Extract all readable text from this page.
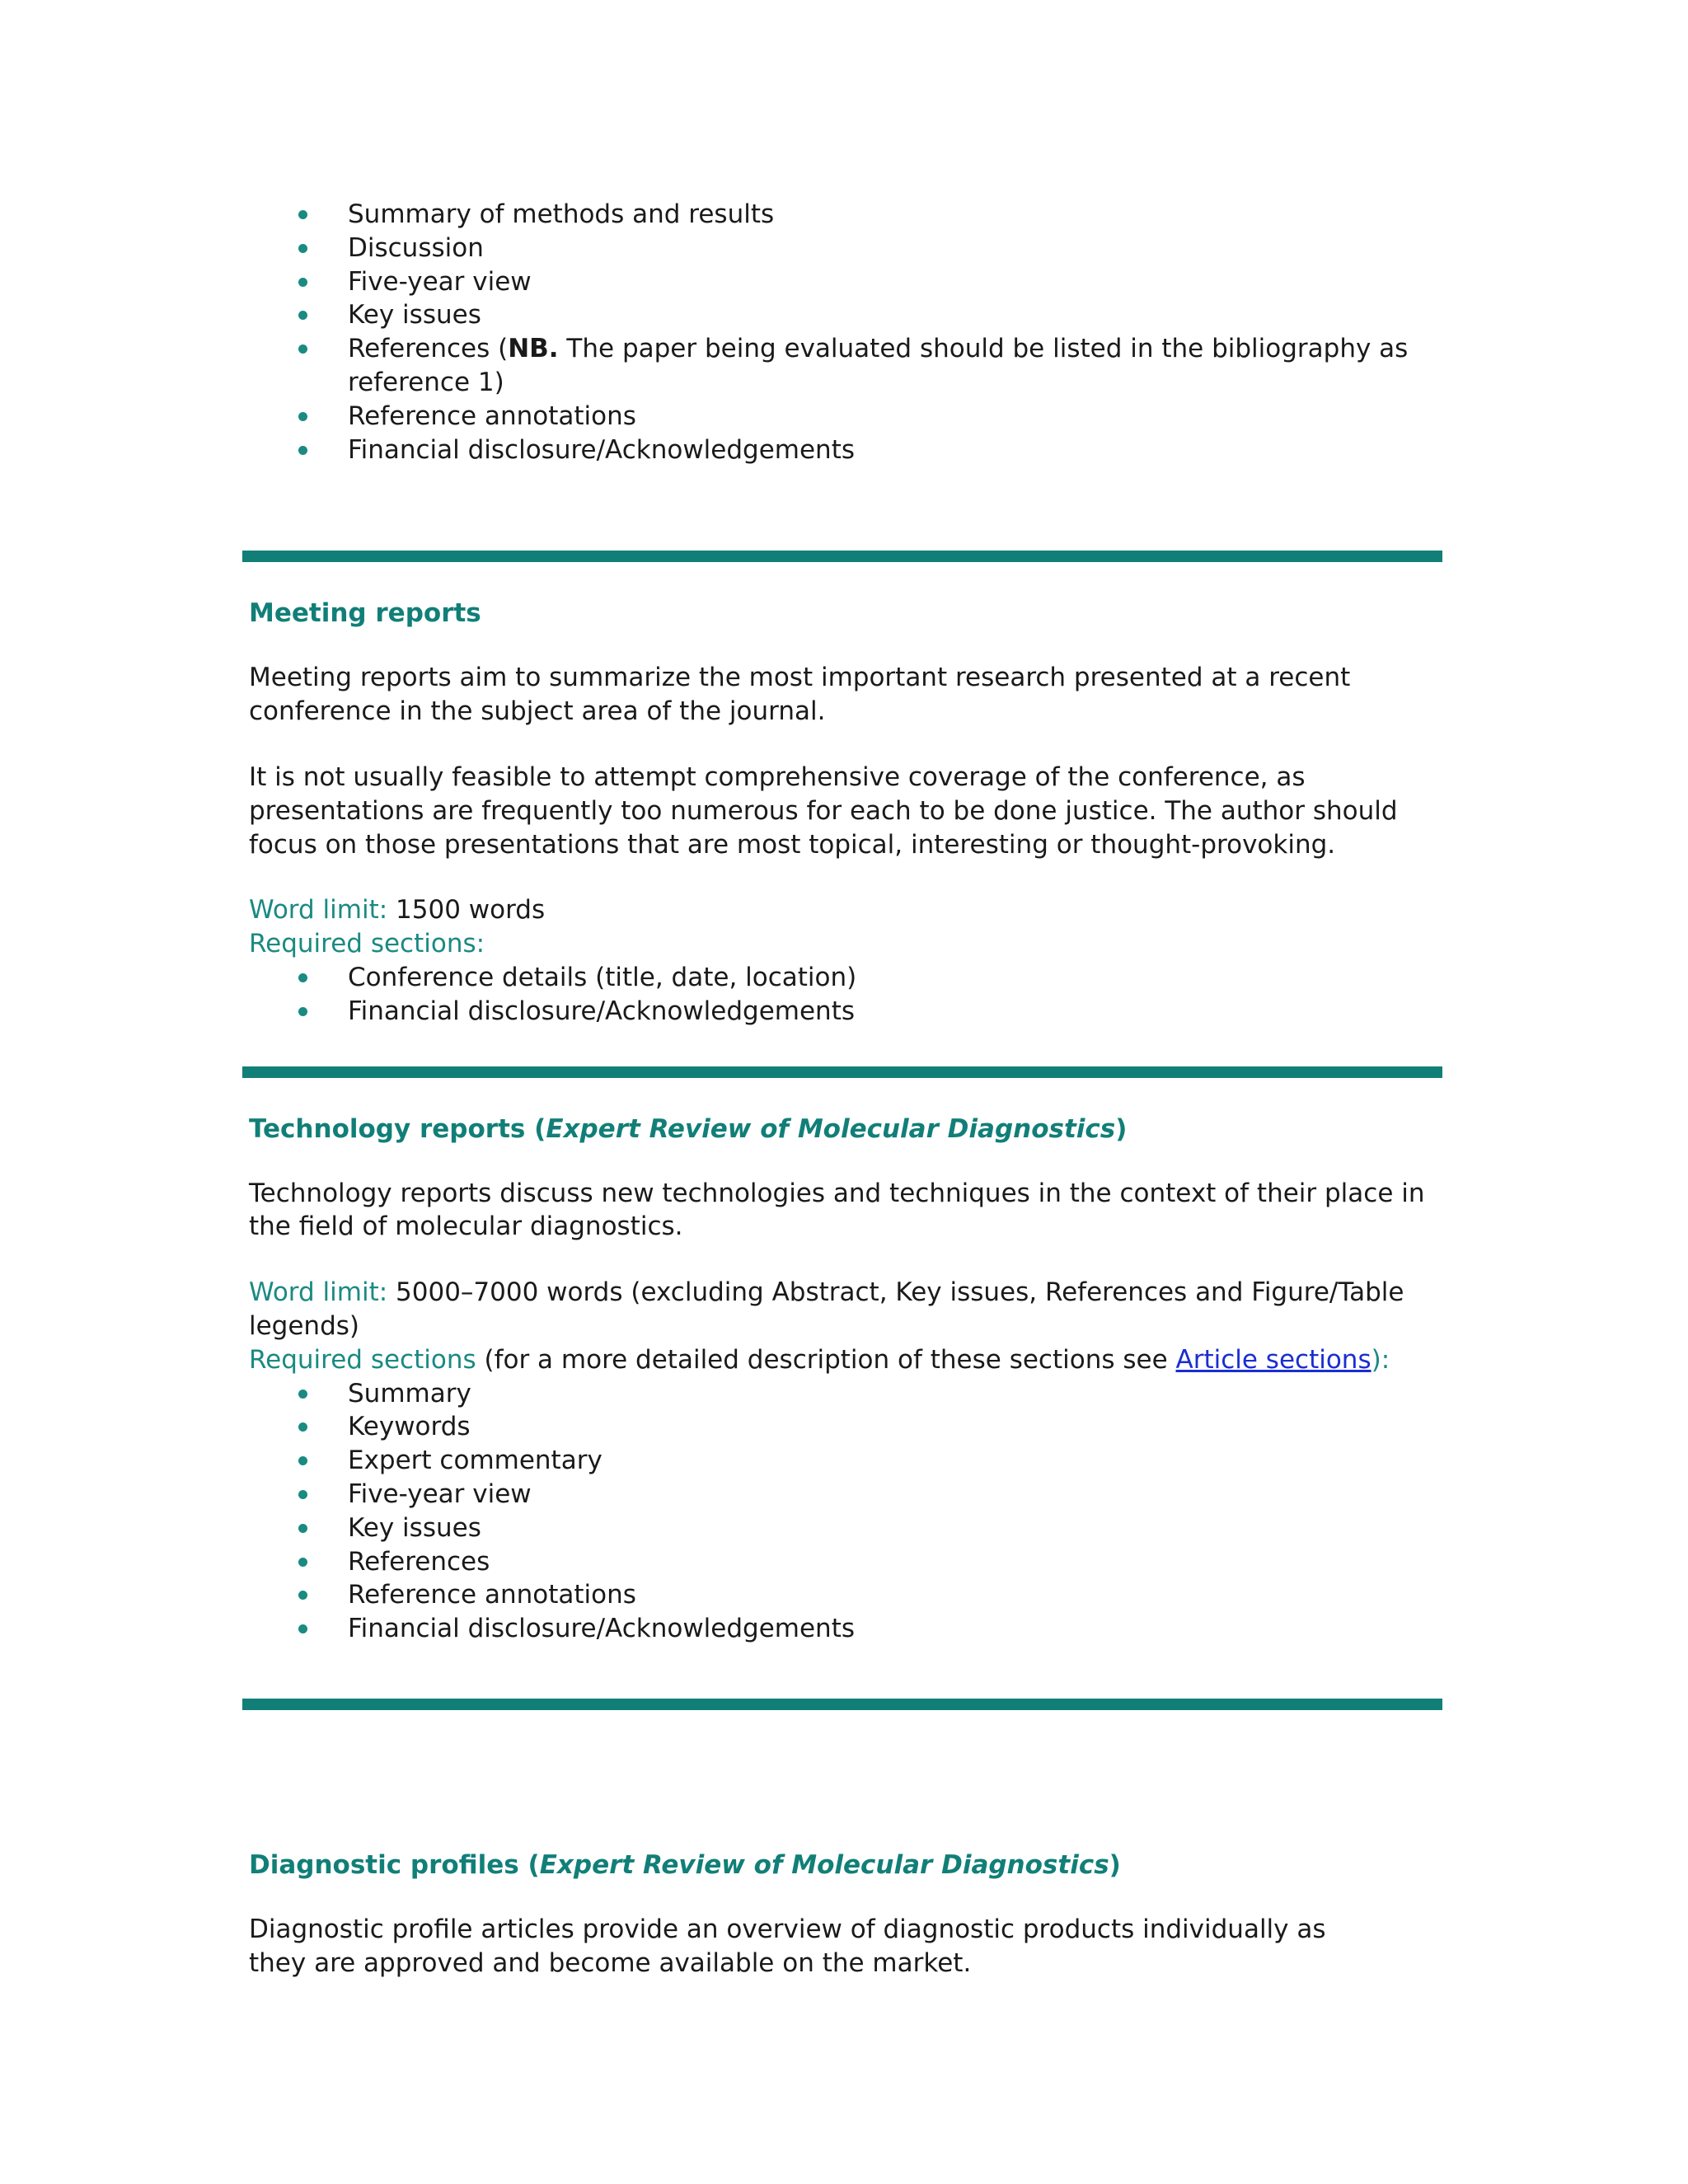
Summary of methods and results
Discussion
Five-year view
Key issues
References (NB. The paper being evaluated should be listed in the bibliography as
reference 1)
Reference annotations
Financial disclosure/Acknowledgements
Meeting reports

Meeting reports aim to summarize the most important research presented at a recent conference in the subject area of the journal.

It is not usually feasible to attempt comprehensive coverage of the conference, as presentations are frequently too numerous for each to be done justice. The author should focus on those presentations that are most topical, interesting or thought-provoking.

Word limit: 1500 words

Required sections:

Conference details (title, date, location)
Financial disclosure/Acknowledgements
Technology reports (Expert Review of Molecular Diagnostics)

Technology reports discuss new technologies and techniques in the context of their place in the field of molecular diagnostics.

Word limit: 5000–7000 words (excluding Abstract, Key issues, References and Figure/Table legends)

Required sections (for a more detailed description of these sections see Article sections):

Summary
Keywords
Expert commentary
Five-year view
Key issues
References
Reference annotations
Financial disclosure/Acknowledgements
Diagnostic profiles (Expert Review of Molecular Diagnostics)

Diagnostic profile articles provide an overview of diagnostic products individually as they are approved and become available on the market.
